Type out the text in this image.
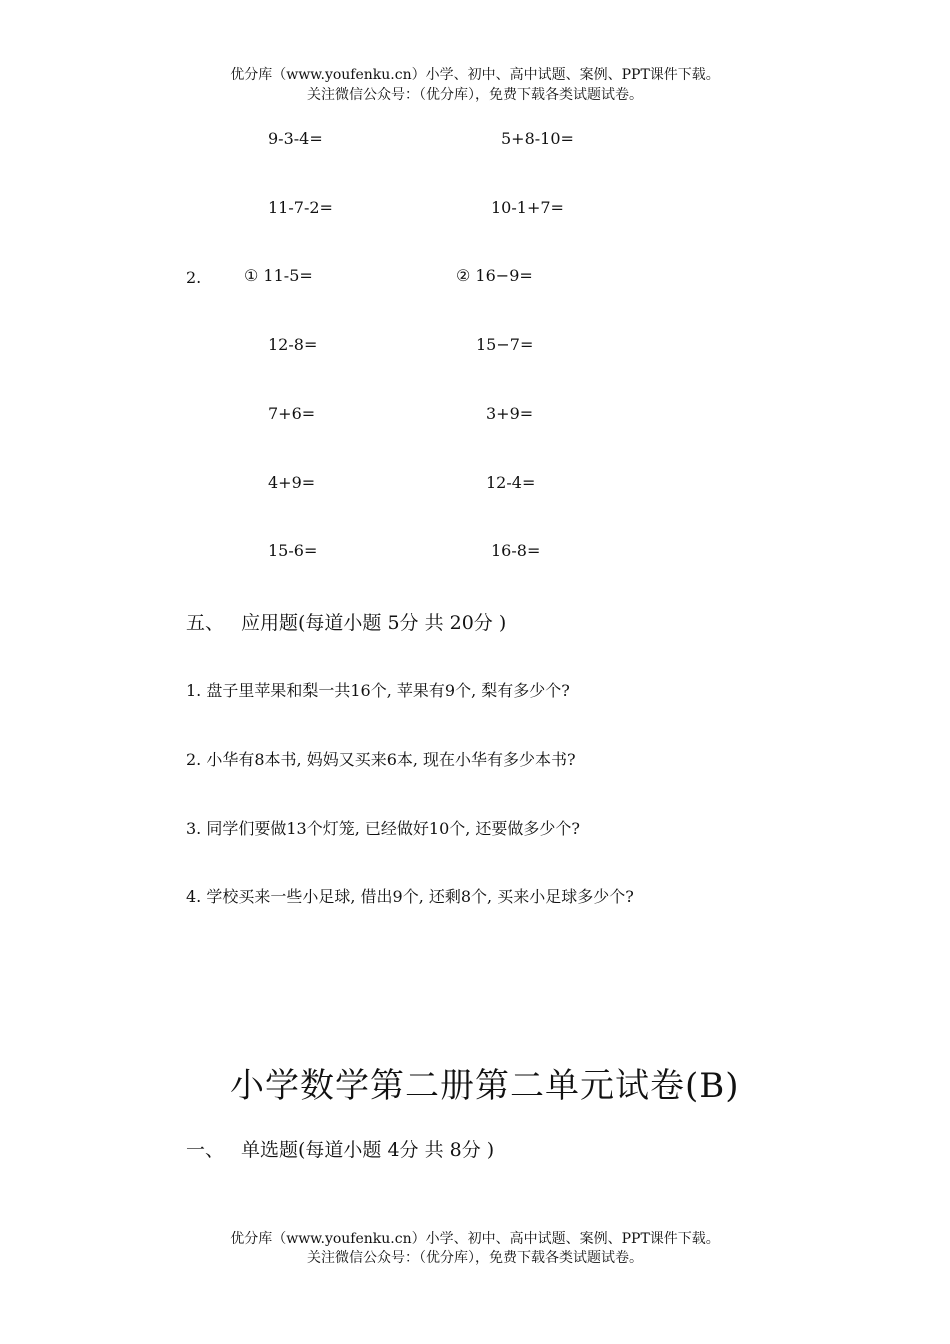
优分库（www.youfenku.cn）小学、初中、高中试题、案例、PPT课件下载。
关注微信公众号：（优分库），免费下载各类试题试卷。
9-3-4=	5+8-10=
11-7-2=	10-1+7=
2.	① 11-5=	② 16−9=
12-8=	15−7=
7+6=	3+9=
4+9=	12-4=
15-6=	16-8=
五、 应用题(每道小题 5分 共 20分 )
1. 盘子里苹果和梨一共16个, 苹果有9个, 梨有多少个?
2. 小华有8本书, 妈妈又买来6本, 现在小华有多少本书?
3. 同学们要做13个灯笼, 已经做好10个, 还要做多少个?
4. 学校买来一些小足球, 借出9个, 还剩8个, 买来小足球多少个?
小学数学第二册第二单元试卷(B)
一、 单选题(每道小题 4分 共 8分 )
优分库（www.youfenku.cn）小学、初中、高中试题、案例、PPT课件下载。
关注微信公众号：（优分库），免费下载各类试题试卷。
